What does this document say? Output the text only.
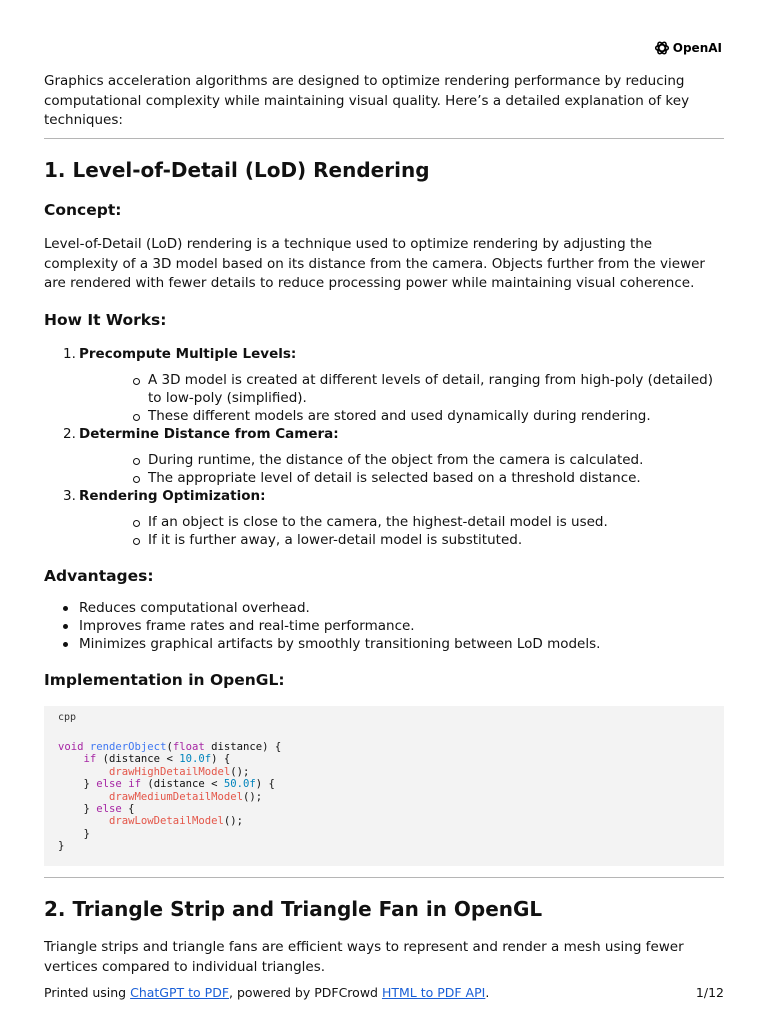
OpenAI

Graphics acceleration algorithms are designed to optimize rendering performance by reducing computational complexity while maintaining visual quality. Here’s a detailed explanation of key techniques:

1. Level-of-Detail (LoD) Rendering
Concept:

Level-of-Detail (LoD) rendering is a technique used to optimize rendering by adjusting the complexity of a 3D model based on its distance from the camera. Objects further from the viewer are rendered with fewer details to reduce processing power while maintaining visual coherence.

How It Works:
1. Precompute Multiple Levels:
A 3D model is created at different levels of detail, ranging from high-poly (detailed) to low-poly (simplified).
These different models are stored and used dynamically during rendering.
2. Determine Distance from Camera:
During runtime, the distance of the object from the camera is calculated.
The appropriate level of detail is selected based on a threshold distance.
3. Rendering Optimization:
If an object is close to the camera, the highest-detail model is used.
If it is further away, a lower-detail model is substituted.
Advantages:
Reduces computational overhead.
Improves frame rates and real-time performance.
Minimizes graphical artifacts by smoothly transitioning between LoD models.
Implementation in OpenGL:
cpp
void renderObject(float distance) {
if (distance < 10.0f) {
drawHighDetailModel();
} else if (distance < 50.0f) {
drawMediumDetailModel();
} else {
drawLowDetailModel();
}
}
2. Triangle Strip and Triangle Fan in OpenGL

Triangle strips and triangle fans are efficient ways to represent and render a mesh using fewer vertices compared to individual triangles.

Printed using ChatGPT to PDF, powered by PDFCrowd HTML to PDF API.	1/12
